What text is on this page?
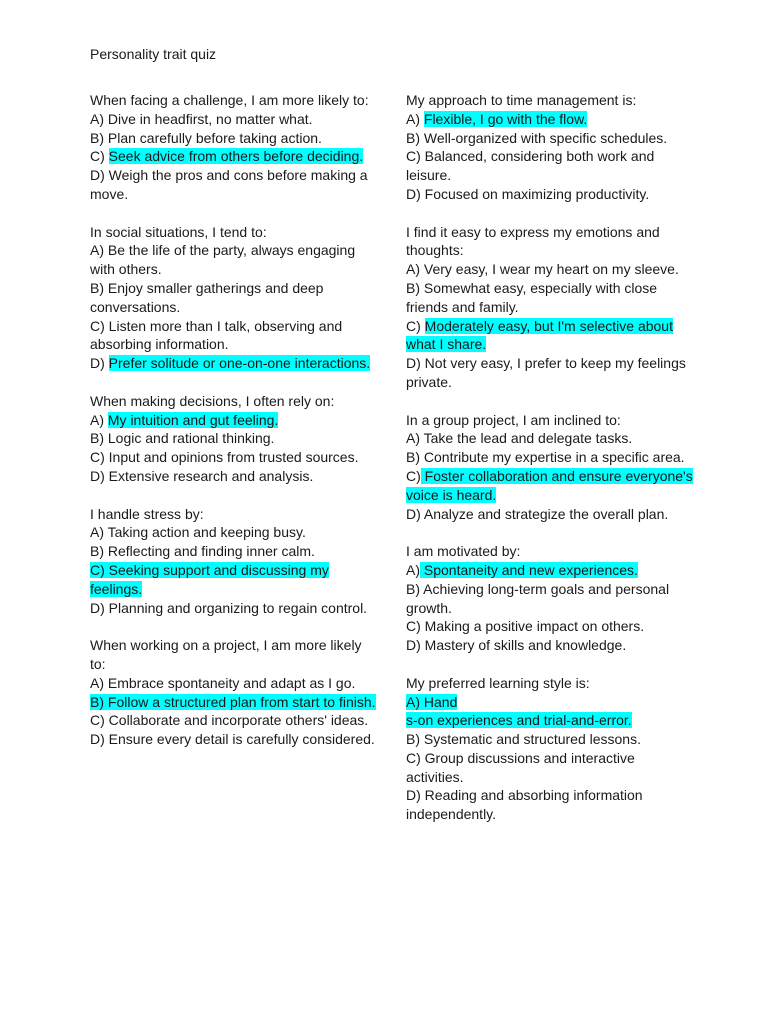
Personality trait quiz
When facing a challenge, I am more likely to:
A) Dive in headfirst, no matter what.
B) Plan carefully before taking action.
C) Seek advice from others before deciding.
D) Weigh the pros and cons before making a move.
In social situations, I tend to:
A) Be the life of the party, always engaging with others.
B) Enjoy smaller gatherings and deep conversations.
C) Listen more than I talk, observing and absorbing information.
D) Prefer solitude or one-on-one interactions.
When making decisions, I often rely on:
A) My intuition and gut feeling.
B) Logic and rational thinking.
C) Input and opinions from trusted sources.
D) Extensive research and analysis.
I handle stress by:
A) Taking action and keeping busy.
B) Reflecting and finding inner calm.
C) Seeking support and discussing my feelings.
D) Planning and organizing to regain control.
When working on a project, I am more likely to:
A) Embrace spontaneity and adapt as I go.
B) Follow a structured plan from start to finish.
C) Collaborate and incorporate others' ideas.
D) Ensure every detail is carefully considered.
My approach to time management is:
A) Flexible, I go with the flow.
B) Well-organized with specific schedules.
C) Balanced, considering both work and leisure.
D) Focused on maximizing productivity.
I find it easy to express my emotions and thoughts:
A) Very easy, I wear my heart on my sleeve.
B) Somewhat easy, especially with close friends and family.
C) Moderately easy, but I'm selective about what I share.
D) Not very easy, I prefer to keep my feelings private.
In a group project, I am inclined to:
A) Take the lead and delegate tasks.
B) Contribute my expertise in a specific area.
C) Foster collaboration and ensure everyone's voice is heard.
D) Analyze and strategize the overall plan.
I am motivated by:
A) Spontaneity and new experiences.
B) Achieving long-term goals and personal growth.
C) Making a positive impact on others.
D) Mastery of skills and knowledge.
My preferred learning style is:
A) Hand
s-on experiences and trial-and-error.
B) Systematic and structured lessons.
C) Group discussions and interactive activities.
D) Reading and absorbing information independently.
